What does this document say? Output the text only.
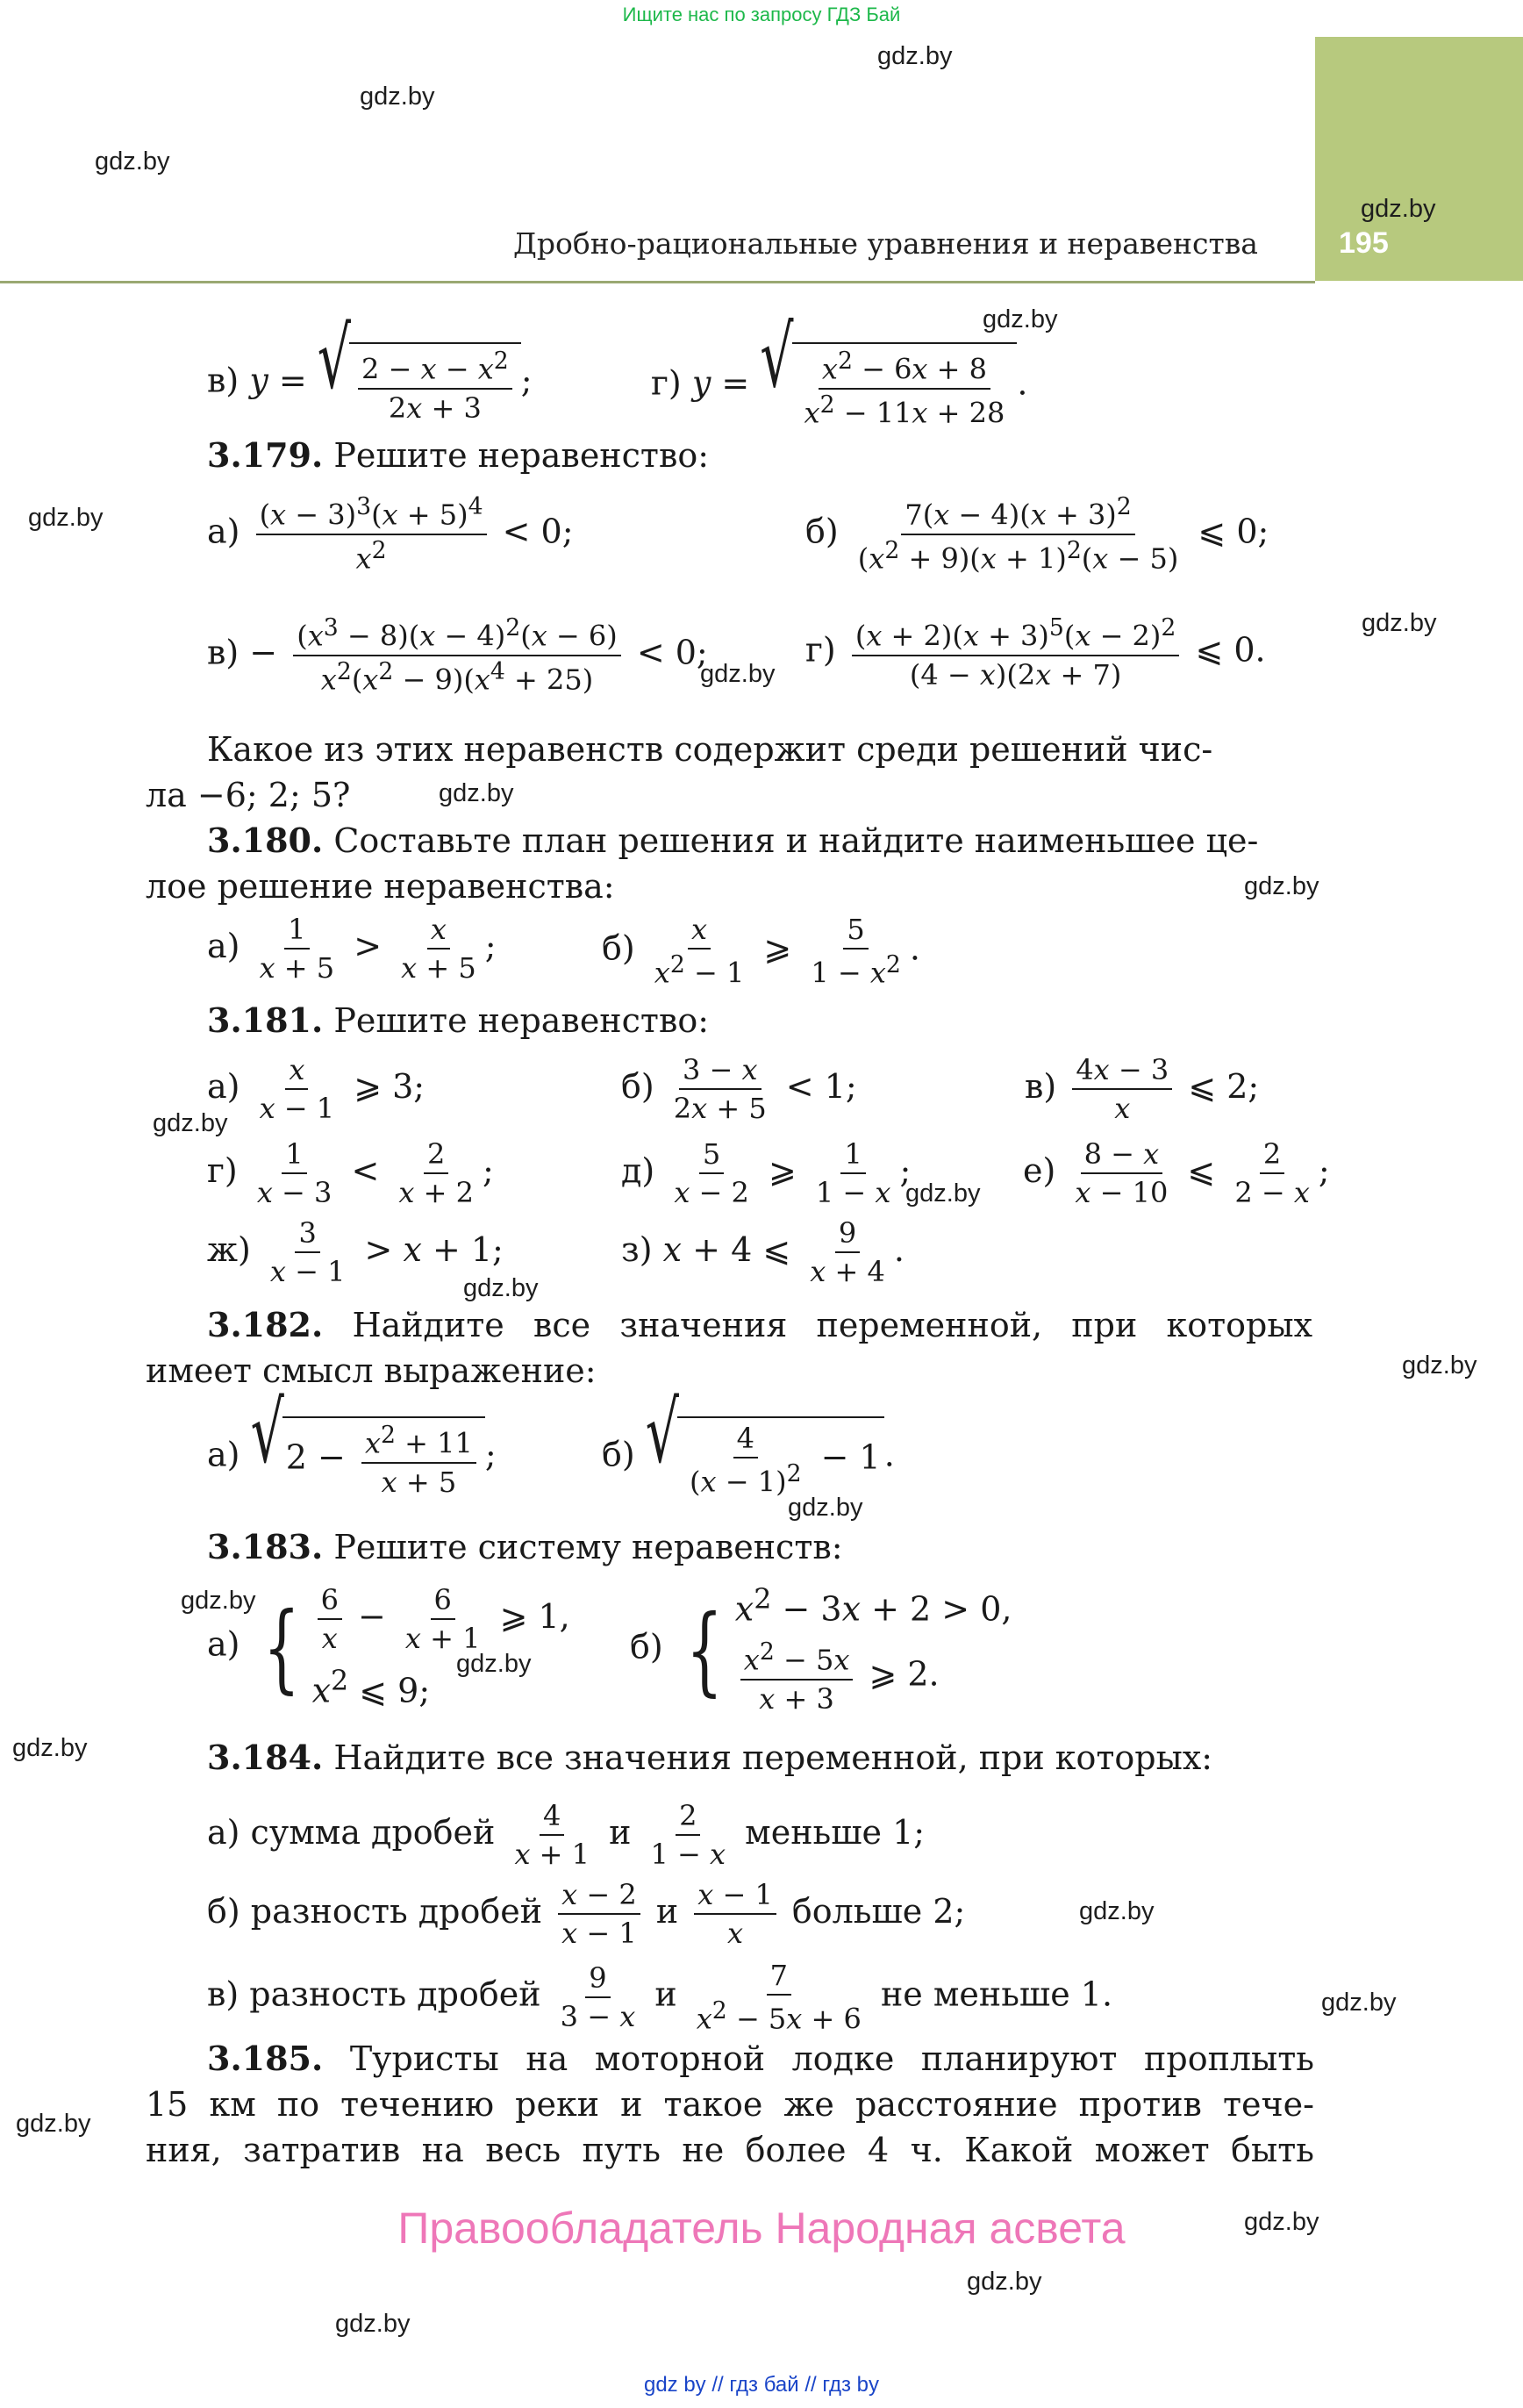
Ищите нас по запросу ГДЗ Бай
gdz.by
gdz.by
gdz.by
gdz.by
195
Дробно-рациональные уравнения и неравенства
gdz.by
в) y = √ $\frac{2 - x - x^2}{2x + 3}$ ;	г) y = √ $\frac{x^2 - 6x + 8}{x^2 - 11x + 28}$ .
3.179. Решите неравенство:
gdz.by	$а) \frac{(x - 3)^3(x + 5)^4}{x^2} < 0$;	$б) \frac{7(x - 4)(x + 3)^2}{(x^2 + 9)(x + 1)^2(x - 5)}$ ⩽ 0;
gdz.by
$в) - \frac{(x^3 - 8)(x - 4)^2(x - 6)}{x^2(x^2 - 9)(x^4 + 25)} < 0$;
gdz.by
$г) \frac{(x + 2)(x + 3)^5(x - 2)^2}{(4 - x)(2x + 7)}$ ⩽ 0.
Какое из этих неравенств содержит среди решений чис-
ла −6; 2; 5?	gdz.by
3.180. Составьте план решения и найдите наименьшее це-
лое решение неравенства:	gdz.by
$а) \frac{1}{x + 5} > \frac{x}{x + 5}$ ;	$б) \frac{x}{x^2 - 1}$ ⩾ $\frac{5}{1 - x^2}$ .
3.181. Решите неравенство:
$а) \frac{x}{x - 1}$ ⩾ 3;	$б) \frac{3 - x}{2x + 5} < 1$;	$в) \frac{4x - 3}{x}$ ⩽ 2;
gdz.by
$г) \frac{1}{x - 3} < \frac{2}{x + 2}$ ;	$д) \frac{5}{x - 2}$ ⩾ $\frac{1}{1 - x}$ ;
gdz.by
$е) \frac{8 - x}{x - 10}$ ⩽ $\frac{2}{2 - x}$ ;
$ж) \frac{3}{x - 1} > x + 1$;	з) x + 4 ⩽ $\frac{9}{x + 4}$ .
gdz.by
3.182. Найдите все значения переменной, при которых
имеет смысл выражение:	gdz.by
а) √ $2 - \frac{x^2 + 11}{x + 5}$ ;	б) √ $\frac{4}{(x - 1)^2} - 1$ .
gdz.by
3.183. Решите систему неравенств:
gdz.by
а) { $\frac{6}{x} - \frac{6}{x + 1}$ ⩾ 1,
$x^2$ ⩽ 9;
gdz.by	б) { $x^2 - 3x + 2 > 0$,
$\frac{x^2 - 5x}{x + 3}$ ⩾ 2.
gdz.by	3.184. Найдите все значения переменной, при которых:
а) сумма дробей $\frac{4}{x + 1}$ и $\frac{2}{1 - x}$ меньше 1;
б) разность дробей $\frac{x - 2}{x - 1}$ и $\frac{x - 1}{x}$ больше 2;	gdz.by
в) разность дробей $\frac{9}{3 - x}$ и $\frac{7}{x^2 - 5x + 6}$ не меньше 1.	gdz.by
3.185. Туристы на моторной лодке планируют проплыть
15 км по течению реки и такое же расстояние против тече-
ния, затратив на весь путь не более 4 ч. Какой может быть
gdz.by
Правообладатель Народная асвета	gdz.by
gdz.by
gdz.by
gdz by // гдз бай // гдз by
